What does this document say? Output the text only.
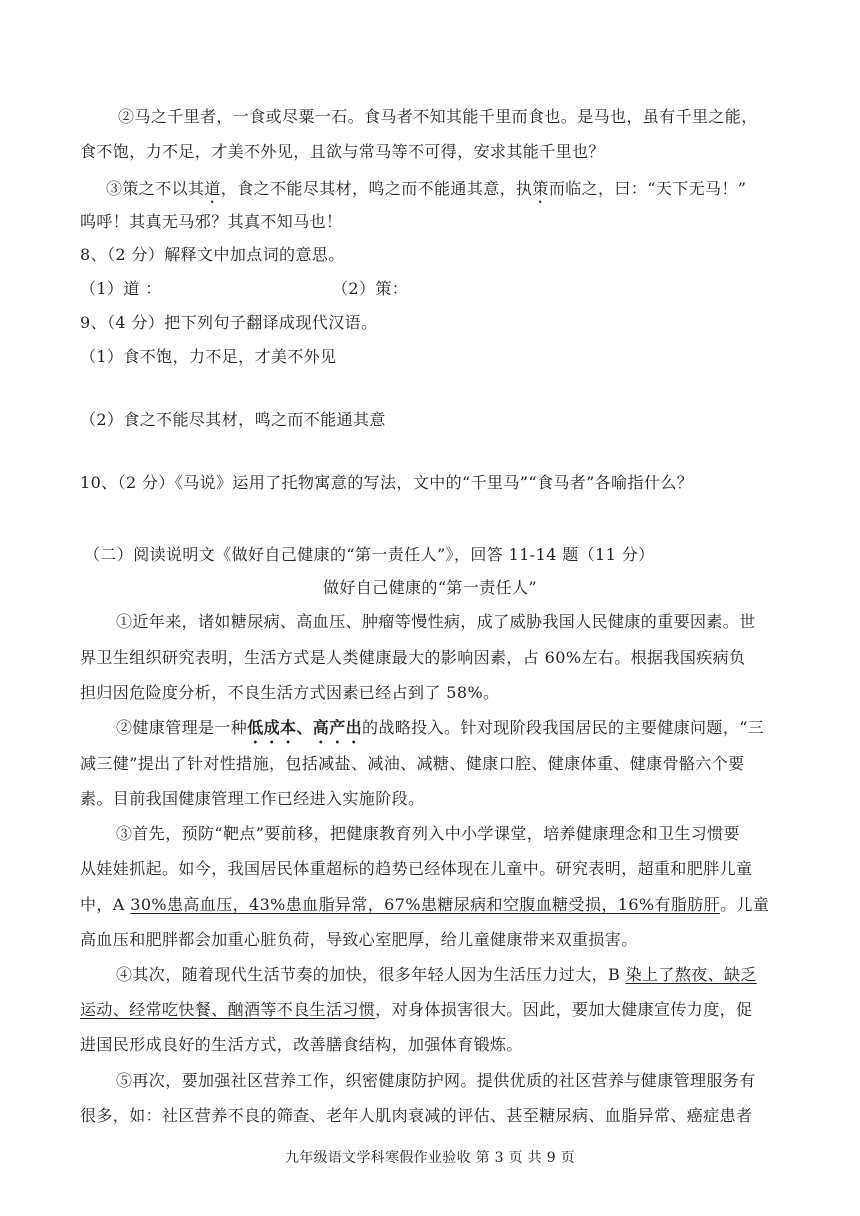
②马之千里者，一食或尽粟一石。食马者不知其能千里而食也。是马也，虽有千里之能，
食不饱，力不足，才美不外见，且欲与常马等不可得，安求其能千里也？
③策之不以其道，食之不能尽其材，鸣之而不能通其意，执策而临之，曰：“天下无马！”
呜呼！其真无马邪？其真不知马也！
8、（2 分）解释文中加点词的意思。
（1）道 ：	（2）策：
9、（4 分）把下列句子翻译成现代汉语。
（1）食不饱，力不足，才美不外见
（2）食之不能尽其材，鸣之而不能通其意
10、（2 分）《马说》运用了托物寓意的写法，文中的“千里马”“食马者”各喻指什么？
（二）阅读说明文《做好自己健康的“第一责任人”》，回答 11-14 题（11 分）
做好自己健康的“第一责任人”
①近年来，诸如糖尿病、高血压、肿瘤等慢性病，成了威胁我国人民健康的重要因素。世
界卫生组织研究表明，生活方式是人类健康最大的影响因素，占 60%左右。根据我国疾病负
担归因危险度分析，不良生活方式因素已经占到了 58%。
②健康管理是一种低成本、高产出的战略投入。针对现阶段我国居民的主要健康问题，“三
减三健”提出了针对性措施，包括减盐、减油、减糖、健康口腔、健康体重、健康骨骼六个要
素。目前我国健康管理工作已经进入实施阶段。
③首先，预防“靶点”要前移，把健康教育列入中小学课堂，培养健康理念和卫生习惯要
从娃娃抓起。如今，我国居民体重超标的趋势已经体现在儿童中。研究表明，超重和肥胖儿童
中，A 30%患高血压，43%患血脂异常，67%患糖尿病和空腹血糖受损，16%有脂肪肝。儿童
高血压和肥胖都会加重心脏负荷，导致心室肥厚，给儿童健康带来双重损害。
④其次，随着现代生活节奏的加快，很多年轻人因为生活压力过大，B 染上了熬夜、缺乏
运动、经常吃快餐、酗酒等不良生活习惯，对身体损害很大。因此，要加大健康宣传力度，促
进国民形成良好的生活方式，改善膳食结构，加强体育锻炼。
⑤再次，要加强社区营养工作，织密健康防护网。提供优质的社区营养与健康管理服务有
很多，如：社区营养不良的筛查、老年人肌肉衰减的评估、甚至糖尿病、血脂异常、癌症患者
九年级语文学科寒假作业验收 第 3 页 共 9 页
